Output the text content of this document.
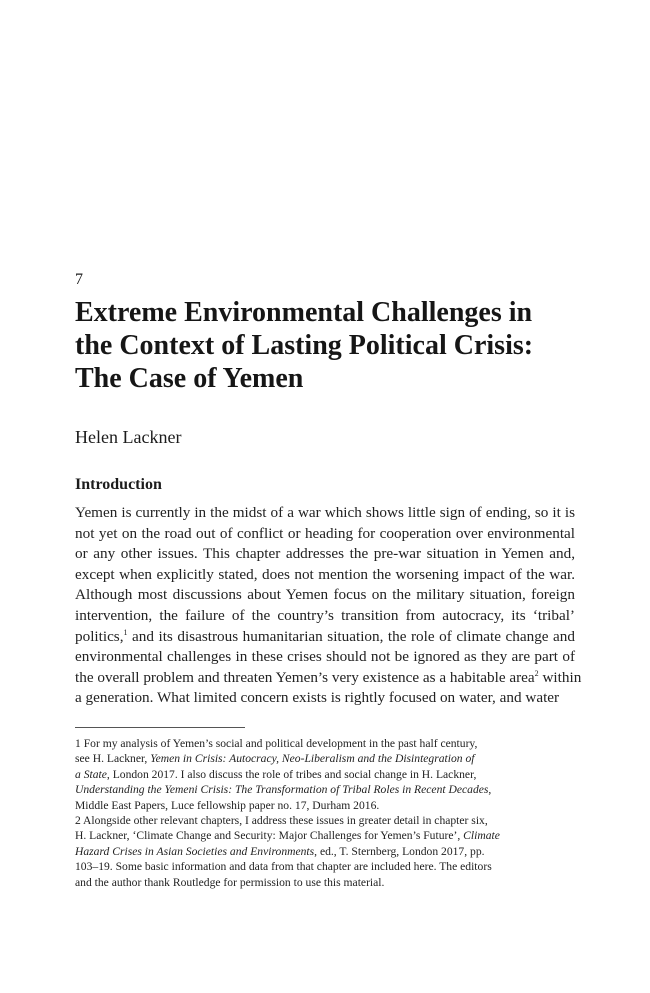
7
Extreme Environmental Challenges in
the Context of Lasting Political Crisis:
The Case of Yemen
Helen Lackner
Introduction
Yemen is currently in the midst of a war which shows little sign of ending, so it is
not yet on the road out of conflict or heading for cooperation over environmental
or any other issues. This chapter addresses the pre-war situation in Yemen and,
except when explicitly stated, does not mention the worsening impact of the war.
Although most discussions about Yemen focus on the military situation, foreign
intervention, the failure of the country’s transition from autocracy, its ‘tribal’
politics,$^1$ and its disastrous humanitarian situation, the role of climate change and
environmental challenges in these crises should not be ignored as they are part of
the overall problem and threaten Yemen’s very existence as a habitable area$^2$ within
a generation. What limited concern exists is rightly focused on water, and water
1 For my analysis of Yemen’s social and political development in the past half century,
see H. Lackner, Yemen in Crisis: Autocracy, Neo-Liberalism and the Disintegration of
a State, London 2017. I also discuss the role of tribes and social change in H. Lackner,
Understanding the Yemeni Crisis: The Transformation of Tribal Roles in Recent Decades,
Middle East Papers, Luce fellowship paper no. 17, Durham 2016.
2 Alongside other relevant chapters, I address these issues in greater detail in chapter six,
H. Lackner, ‘Climate Change and Security: Major Challenges for Yemen’s Future’, Climate
Hazard Crises in Asian Societies and Environments, ed., T. Sternberg, London 2017, pp.
103–19. Some basic information and data from that chapter are included here. The editors
and the author thank Routledge for permission to use this material.
